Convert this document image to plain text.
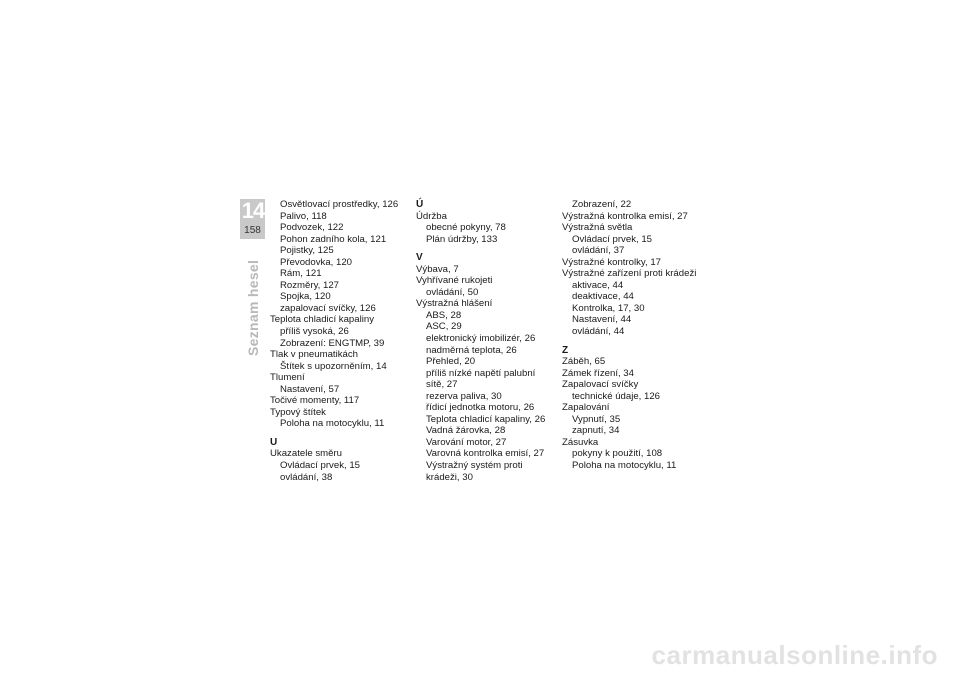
14
158
Seznam hesel
Osvětlovací prostředky, 126
Palivo, 118
Podvozek, 122
Pohon zadního kola, 121
Pojistky, 125
Převodovka, 120
Rám, 121
Rozměry, 127
Spojka, 120
zapalovací svíčky, 126
Teplota chladicí kapaliny
příliš vysoká, 26
Zobrazení: ENGTMP, 39
Tlak v pneumatikách
Štítek s upozorněním, 14
Tlumení
Nastavení, 57
Točivé momenty, 117
Typový štítek
Poloha na motocyklu, 11
U
Ukazatele směru
Ovládací prvek, 15
ovládání, 38
Ú
Údržba
obecné pokyny, 78
Plán údržby, 133
V
Výbava, 7
Vyhřívané rukojeti
ovládání, 50
Výstražná hlášení
ABS, 28
ASC, 29
elektronický imobilizér, 26
nadměrná teplota, 26
Přehled, 20
příliš nízké napětí palubní
sítě, 27
rezerva paliva, 30
řídicí jednotka motoru, 26
Teplota chladicí kapaliny, 26
Vadná žárovka, 28
Varování motor, 27
Varovná kontrolka emisí, 27
Výstražný systém proti
krádeži, 30
Zobrazení, 22
Výstražná kontrolka emisí, 27
Výstražná světla
Ovládací prvek, 15
ovládání, 37
Výstražné kontrolky, 17
Výstražné zařízení proti krádeži
aktivace, 44
deaktivace, 44
Kontrolka, 17, 30
Nastavení, 44
ovládání, 44
Z
Záběh, 65
Zámek řízení, 34
Zapalovací svíčky
technické údaje, 126
Zapalování
Vypnutí, 35
zapnutí, 34
Zásuvka
pokyny k použití, 108
Poloha na motocyklu, 11
carmanualsonline.info
